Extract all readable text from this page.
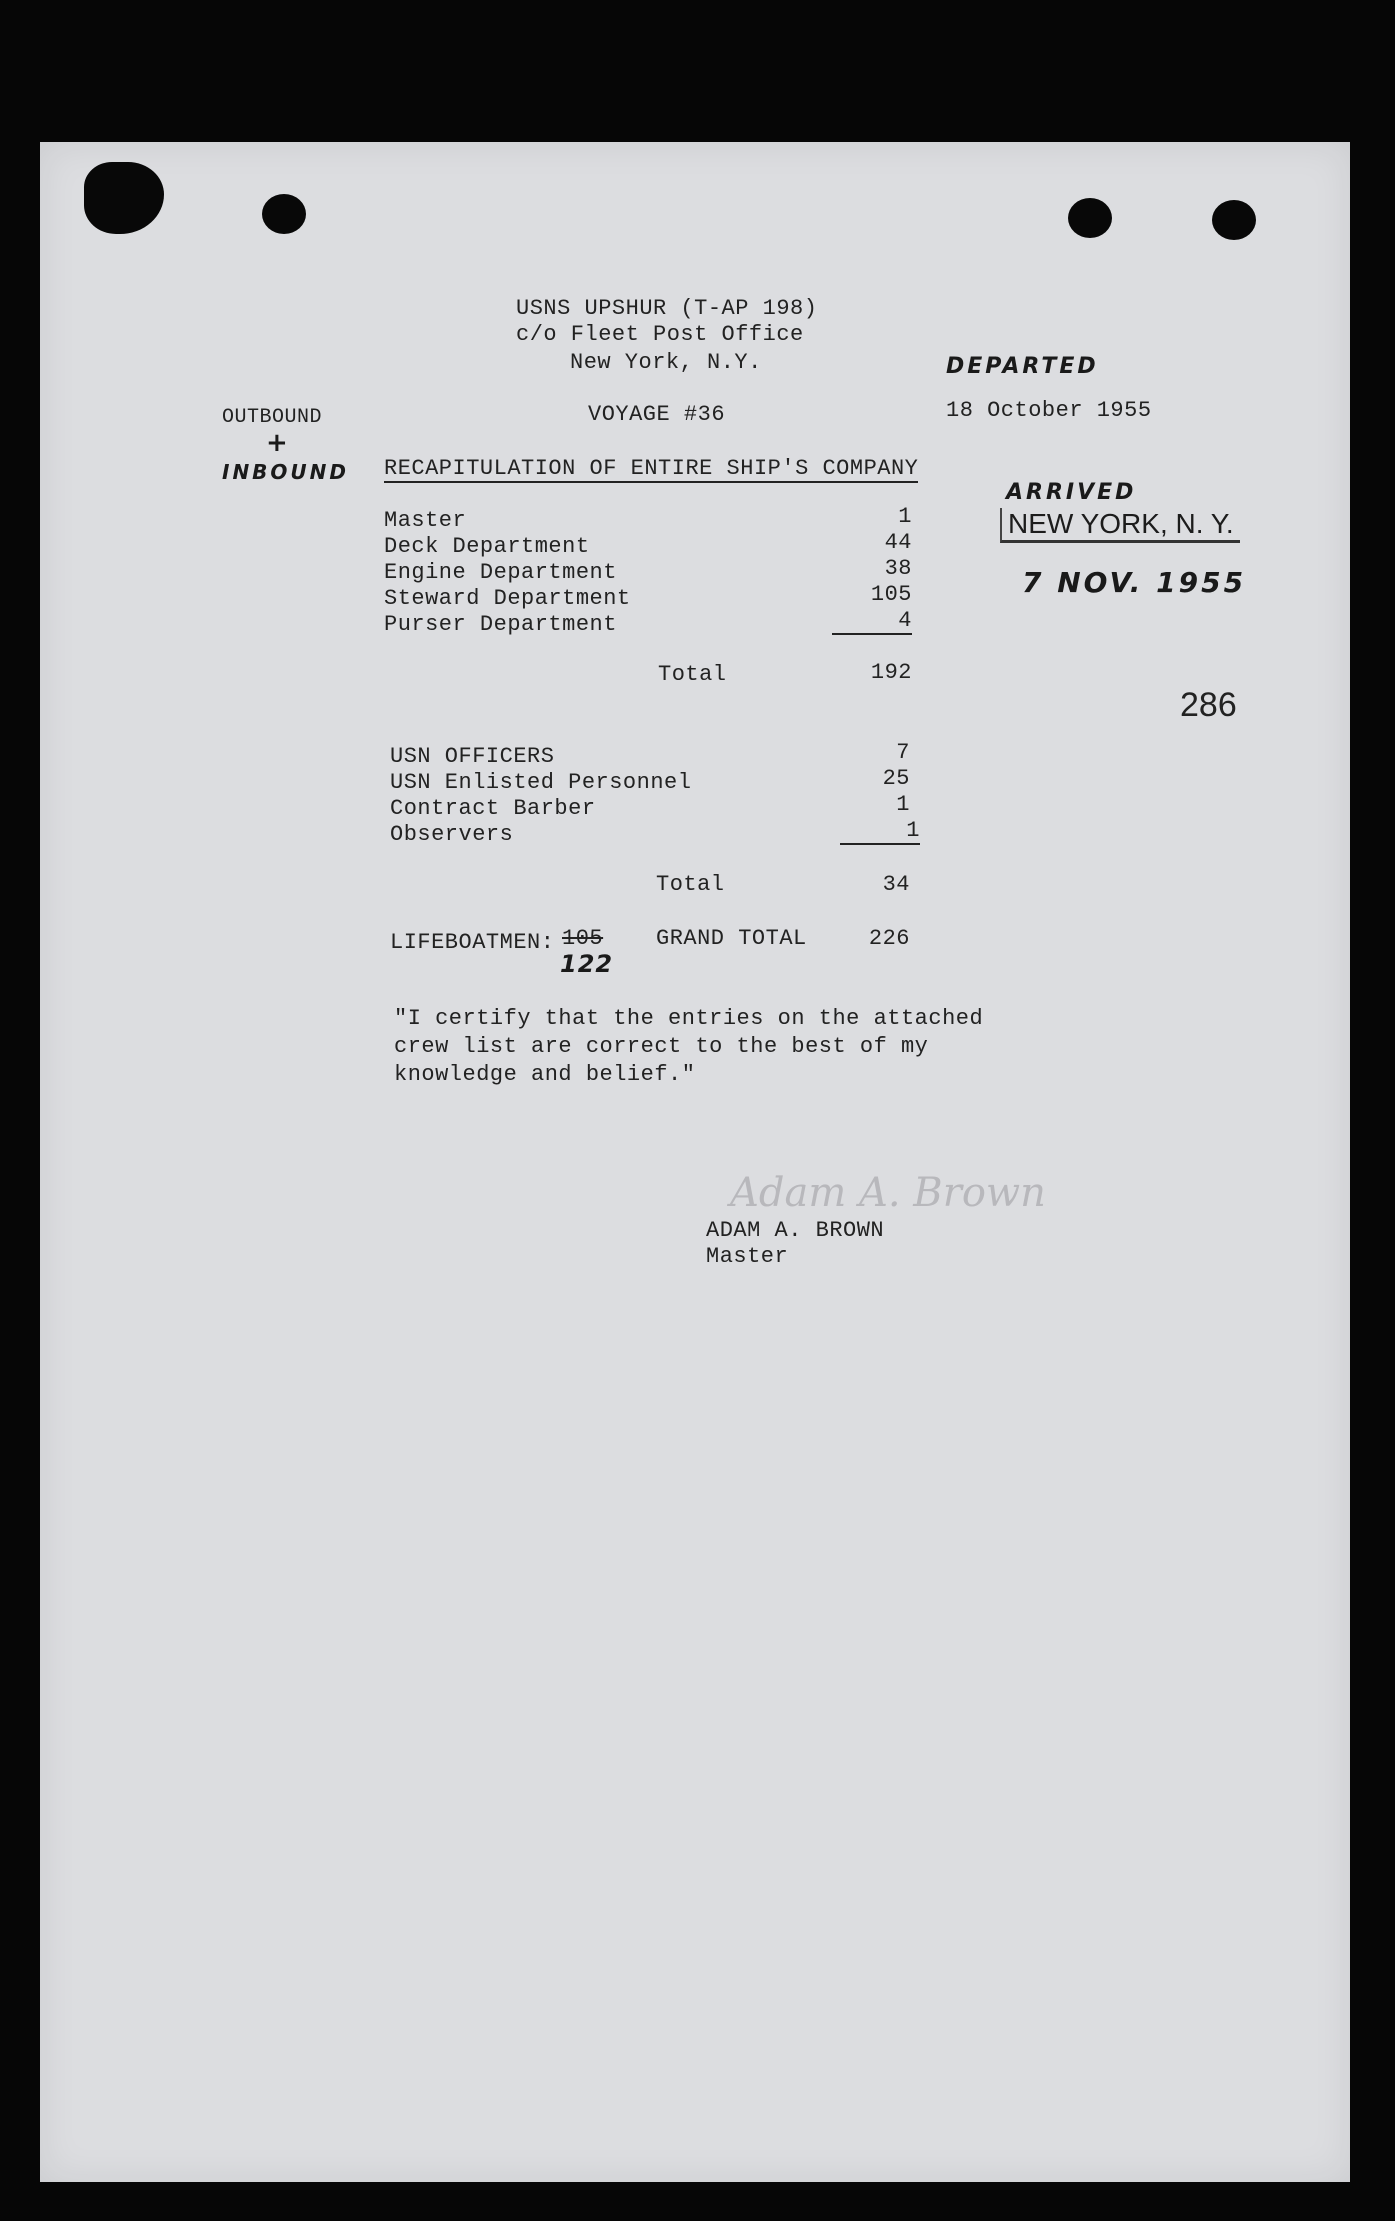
USNS UPSHUR (T-AP 198)
c/o Fleet Post Office
New York, N.Y.	DEPARTED
18 October 1955
OUTBOUND
+
INBOUND
VOYAGE #36
RECAPITULATION OF ENTIRE SHIP'S COMPANY
ARRIVED
NEW YORK, N. Y.
7 NOV. 1955
Master	1
Deck Department	44
Engine Department	38
Steward Department	105
Purser Department	4
Total	192
286
USN OFFICERS	7
USN Enlisted Personnel	25
Contract Barber	1
Observers	1
Total	34
LIFEBOATMEN: 105
122
GRAND TOTAL	226
"I certify that the entries on the attached
crew list are correct to the best of my
knowledge and belief."
Adam A. Brown
ADAM A. BROWN
Master
